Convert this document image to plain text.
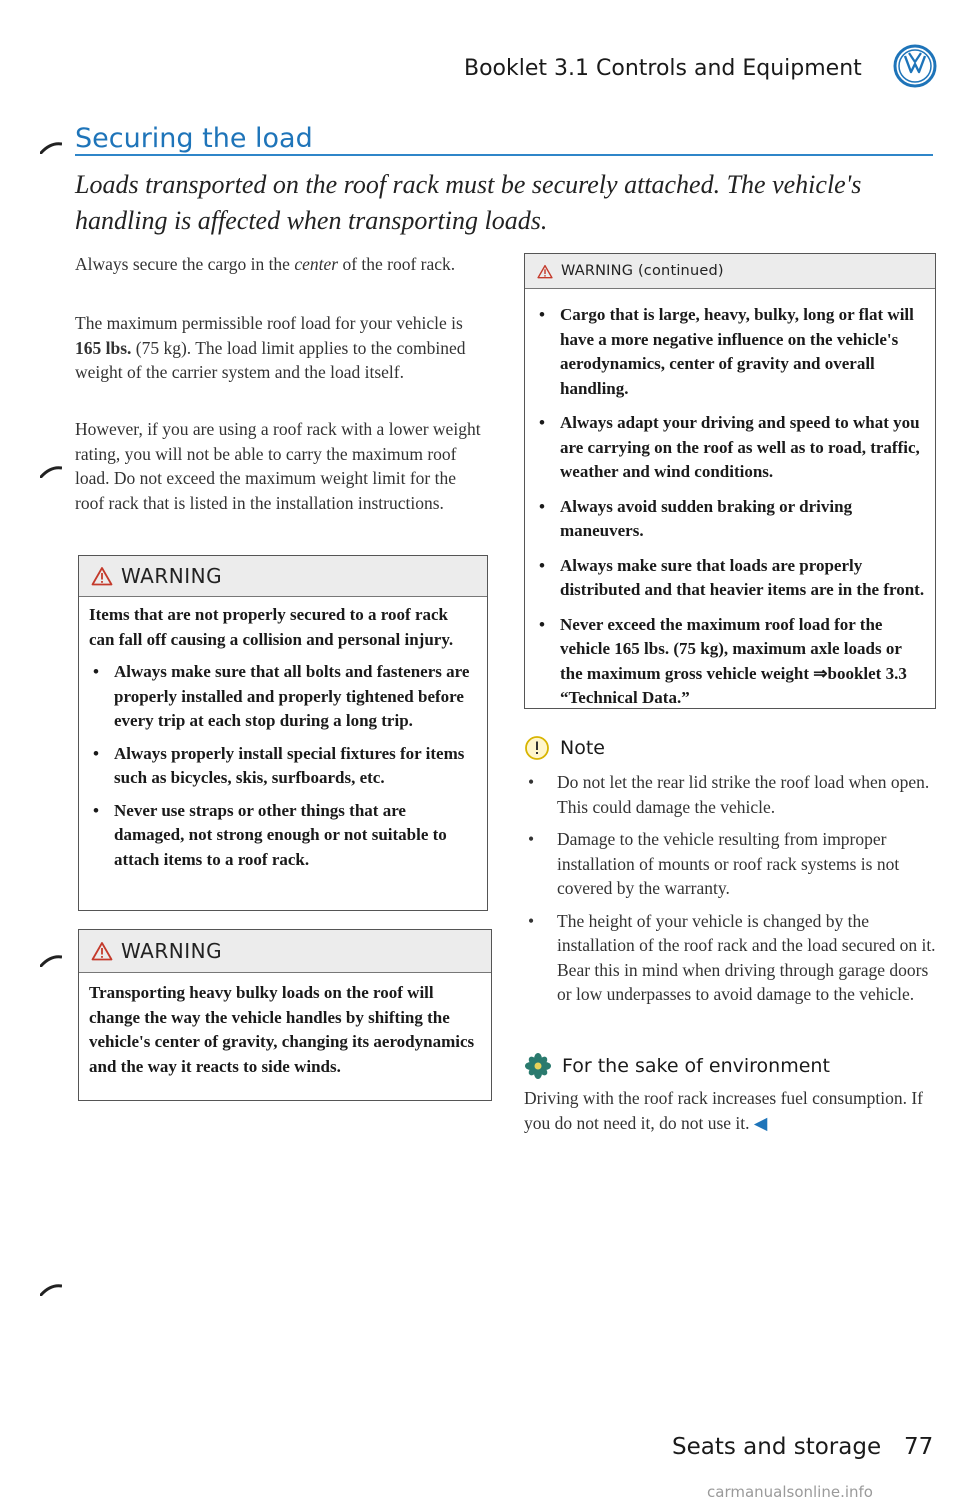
Booklet 3.1 Controls and Equipment
Securing the load
Loads transported on the roof rack must be securely attached. The vehicle's handling is affected when transporting loads.

Always secure the cargo in the center of the roof rack.

The maximum permissible roof load for your vehicle is 165 lbs. (75 kg). The load limit applies to the combined weight of the carrier system and the load itself.

However, if you are using a roof rack with a lower weight rating, you will not be able to carry the maximum roof load. Do not exceed the maximum weight limit for the roof rack that is listed in the installation instructions.

WARNING

Items that are not properly secured to a roof rack can fall off causing a collision and personal injury.

• Always make sure that all bolts and fasteners are properly installed and properly tightened before every trip at each stop during a long trip.

• Always properly install special fixtures for items such as bicycles, skis, surfboards, etc.
• Never use straps or other things that are damaged, not strong enough or not suitable to attach items to a roof rack.
WARNING

Transporting heavy bulky loads on the roof will change the way the vehicle handles by shifting the vehicle's center of gravity, changing its aerodynamics and the way it reacts to side winds.

WARNING (continued)
• Cargo that is large, heavy, bulky, long or flat will have a more negative influence on the vehicle's aerodynamics, center of gravity and overall handling.
• Always adapt your driving and speed to what you are carrying on the roof as well as to road, traffic, weather and wind conditions.
• Always avoid sudden braking or driving maneuvers.
• Always make sure that loads are properly distributed and that heavier items are in the front.
• Never exceed the maximum roof load for the vehicle 165 lbs. (75 kg), maximum axle loads or the maximum gross vehicle weight ⇒booklet 3.3 “Technical Data.”
Note
•	Do not let the rear lid strike the roof load when open. This could damage the vehicle.
•	Damage to the vehicle resulting from improper installation of mounts or roof rack systems is not covered by the warranty.
•	The height of your vehicle is changed by the installation of the roof rack and the load secured on it. Bear this in mind when driving through garage doors or low underpasses to avoid damage to the vehicle.
For the sake of environment

Driving with the roof rack increases fuel consumption. If you do not need it, do not use it. ◀

Seats and storage 77
carmanualsonline.info
